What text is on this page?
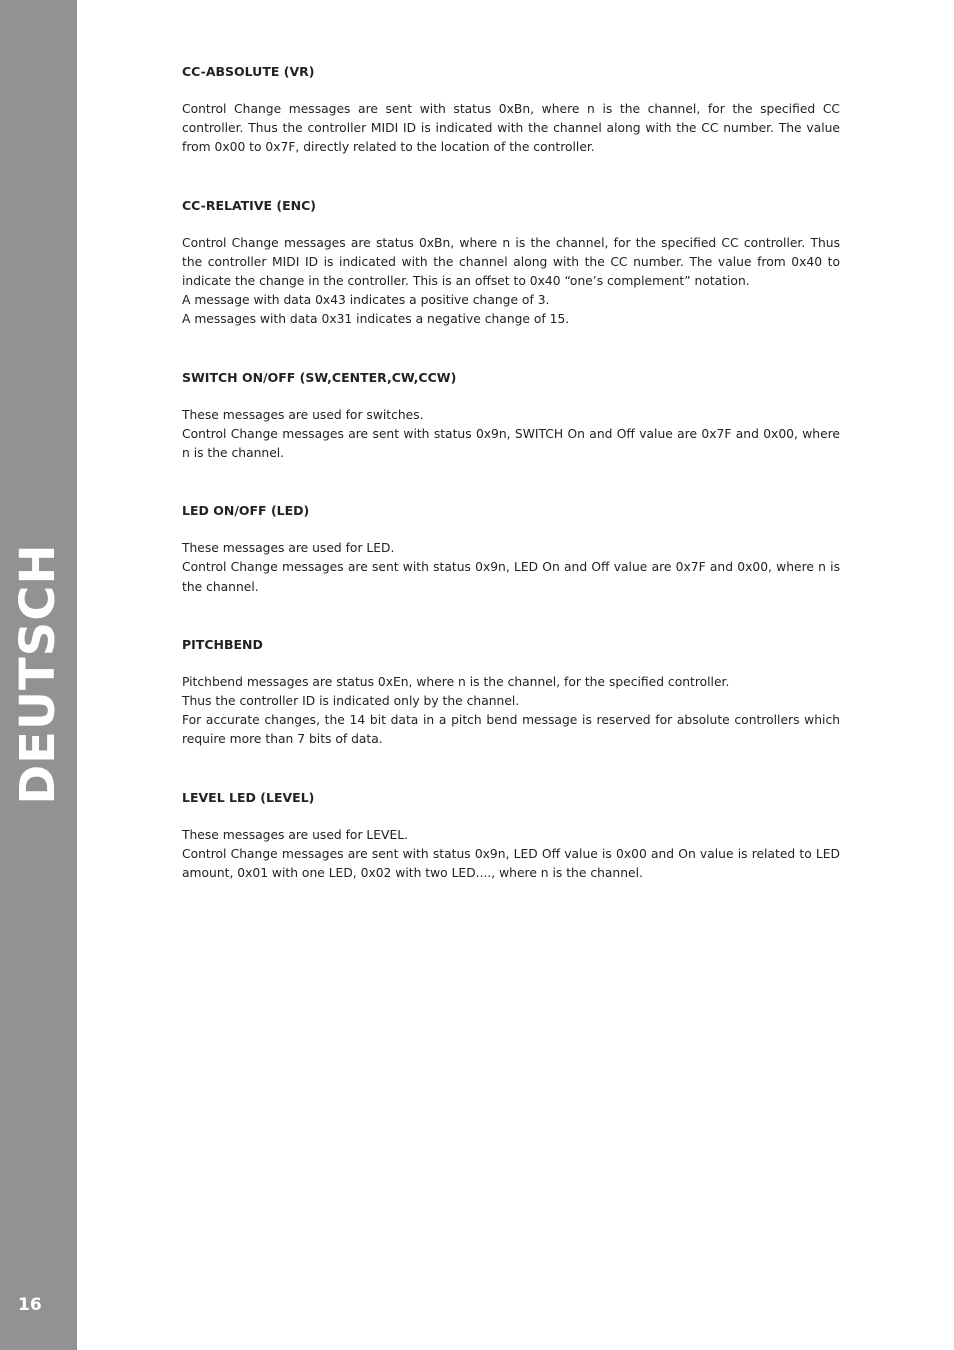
DEUTSCH
16
CC-ABSOLUTE (VR)

Control Change messages are sent with status 0xBn, where n is the channel, for the specified CC controller. Thus the controller MIDI ID is indicated with the channel along with the CC number. The value from 0x00 to 0x7F, directly related to the location of the controller.

CC-RELATIVE (ENC)

Control Change messages are status 0xBn, where n is the channel, for the specified CC controller. Thus the controller MIDI ID is indicated with the channel along with the CC number. The value from 0x40 to indicate the change in the controller. This is an offset to 0x40 “one’s complement” notation.

A message with data 0x43 indicates a positive change of 3.

A messages with data 0x31 indicates a negative change of 15.

SWITCH ON/OFF (SW,CENTER,CW,CCW)

These messages are used for switches.

Control Change messages are sent with status 0x9n, SWITCH On and Off value are 0x7F and 0x00, where n is the channel.

LED ON/OFF (LED)

These messages are used for LED.

Control Change messages are sent with status 0x9n, LED On and Off value are 0x7F and 0x00, where n is the channel.

PITCHBEND

Pitchbend messages are status 0xEn, where n is the channel, for the specified controller.

Thus the controller ID is indicated only by the channel.

For accurate changes, the 14 bit data in a pitch bend message is reserved for absolute controllers which require more than 7 bits of data.

LEVEL LED (LEVEL)

These messages are used for LEVEL.

Control Change messages are sent with status 0x9n, LED Off value is 0x00 and On value is related to LED amount, 0x01 with one LED, 0x02 with two LED...., where n is the channel.
